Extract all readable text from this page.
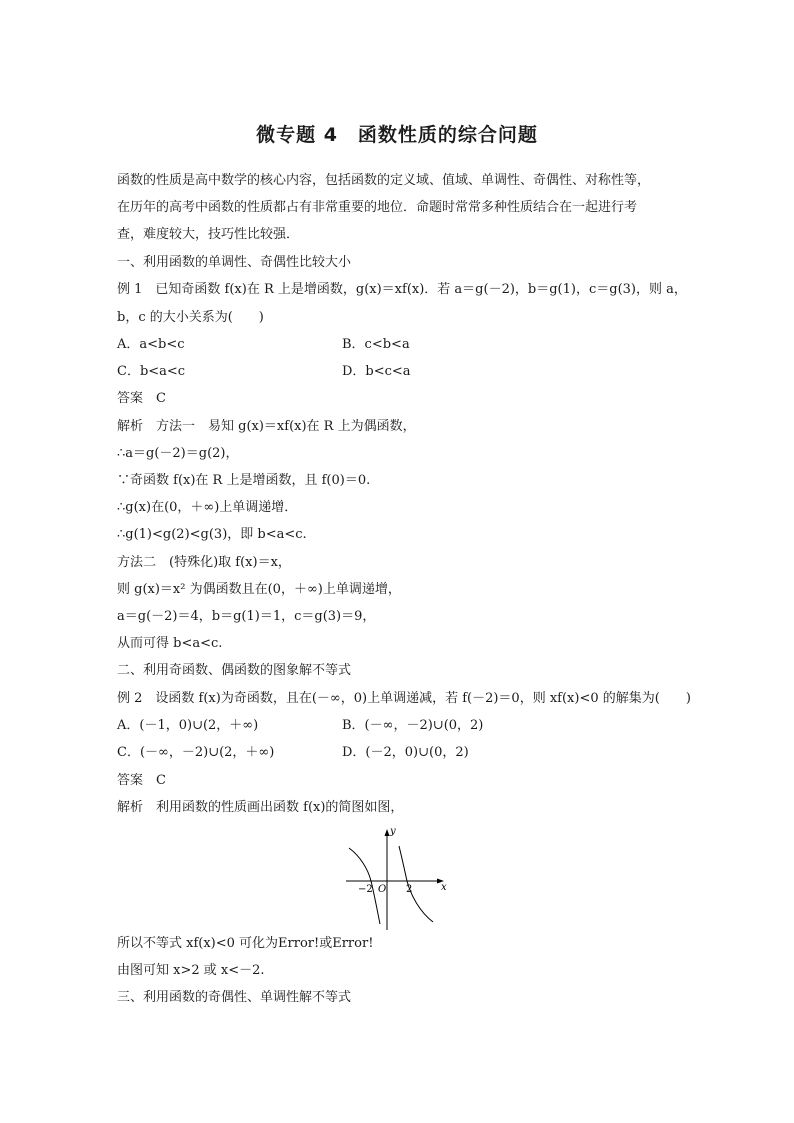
微专题 4　函数性质的综合问题
函数的性质是高中数学的核心内容，包括函数的定义域、值域、单调性、奇偶性、对称性等，
在历年的高考中函数的性质都占有非常重要的地位．命题时常常多种性质结合在一起进行考
查，难度较大，技巧性比较强．
一、利用函数的单调性、奇偶性比较大小
例 1　已知奇函数 f(x)在 R 上是增函数，g(x)＝xf(x)．若 a＝g(－2)，b＝g(1)，c＝g(3)，则 a，
b，c 的大小关系为(　　)
A．a<b<c	B．c<b<a
C．b<a<c	D．b<c<a
答案　C
解析　方法一　易知 g(x)＝xf(x)在 R 上为偶函数，
∴a＝g(－2)＝g(2)，
∵奇函数 f(x)在 R 上是增函数，且 f(0)＝0.
∴g(x)在(0，＋∞)上单调递增．
∴g(1)<g(2)<g(3)，即 b<a<c.
方法二　(特殊化)取 f(x)＝x，
则 g(x)＝x² 为偶函数且在(0，＋∞)上单调递增，
a＝g(－2)＝4，b＝g(1)＝1，c＝g(3)＝9，
从而可得 b<a<c.
二、利用奇函数、偶函数的图象解不等式
例 2　设函数 f(x)为奇函数，且在(－∞，0)上单调递减，若 f(－2)＝0，则 xf(x)<0 的解集为(　　)
A．(－1，0)∪(2，＋∞)	B．(－∞，－2)∪(0，2)
C．(－∞，－2)∪(2，＋∞)	D．(－2，0)∪(0，2)
答案　C
解析　利用函数的性质画出函数 f(x)的简图如图，
y
x
O
−2	2
所以不等式 xf(x)<0 可化为Error!或Error!
由图可知 x>2 或 x<－2.
三、利用函数的奇偶性、单调性解不等式
